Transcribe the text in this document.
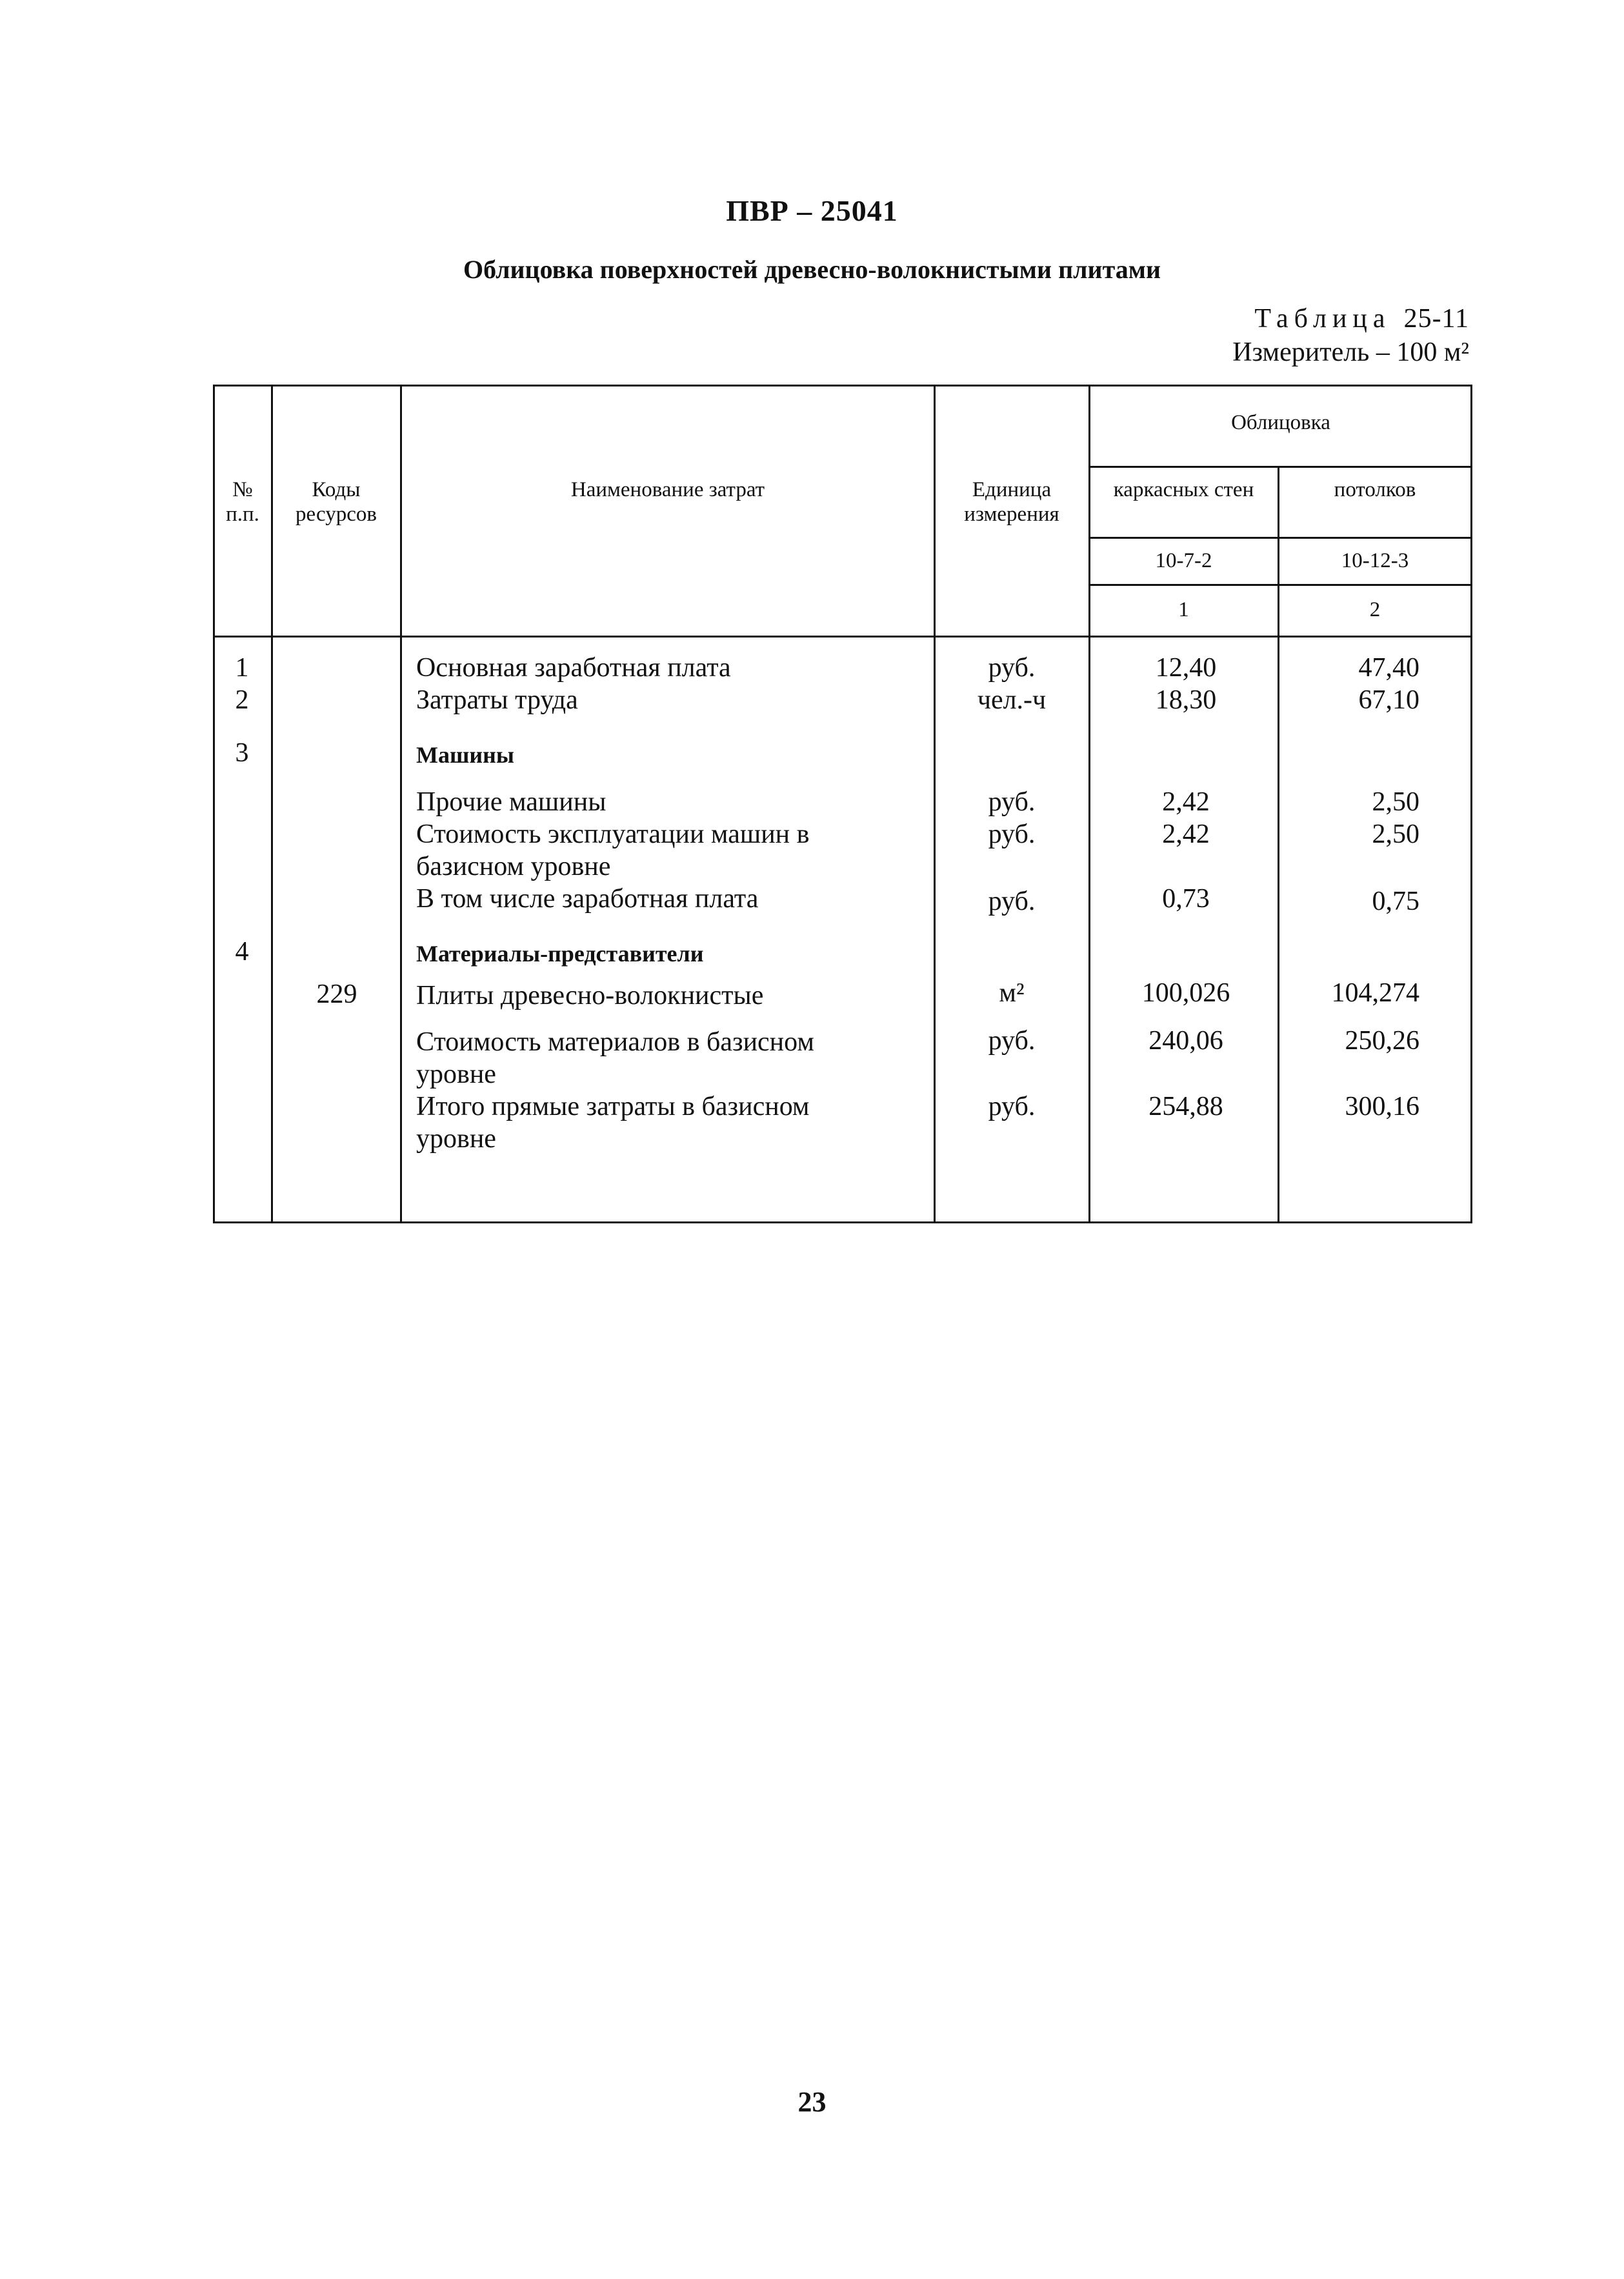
ПВР – 25041
Облицовка поверхностей древесно-волокнистыми плитами
Таблица 25-11
Измеритель – 100 м²
№ п.п.
Коды ресурсов
Наименование затрат	Единица измерения
Облицовка
каркасных стен	потолков
10-7-2	10-12-3
1	2
1	Основная заработная плата	руб.	12,40	47,40
2	Затраты труда	чел.-ч	18,30	67,10
3	Машины
Прочие машины	руб.	2,42	2,50
Стоимость эксплуатации машин в базисном уровне
руб.	2,42	2,50
В том числе заработная плата	руб.	0,73	0,75
4	Материалы-представители
229	Плиты древесно-волокнистые	м²	100,026	104,274
Стоимость материалов в базисном уровне
руб.	240,06	250,26
Итого прямые затраты в базисном уровне
руб.	254,88	300,16
23
